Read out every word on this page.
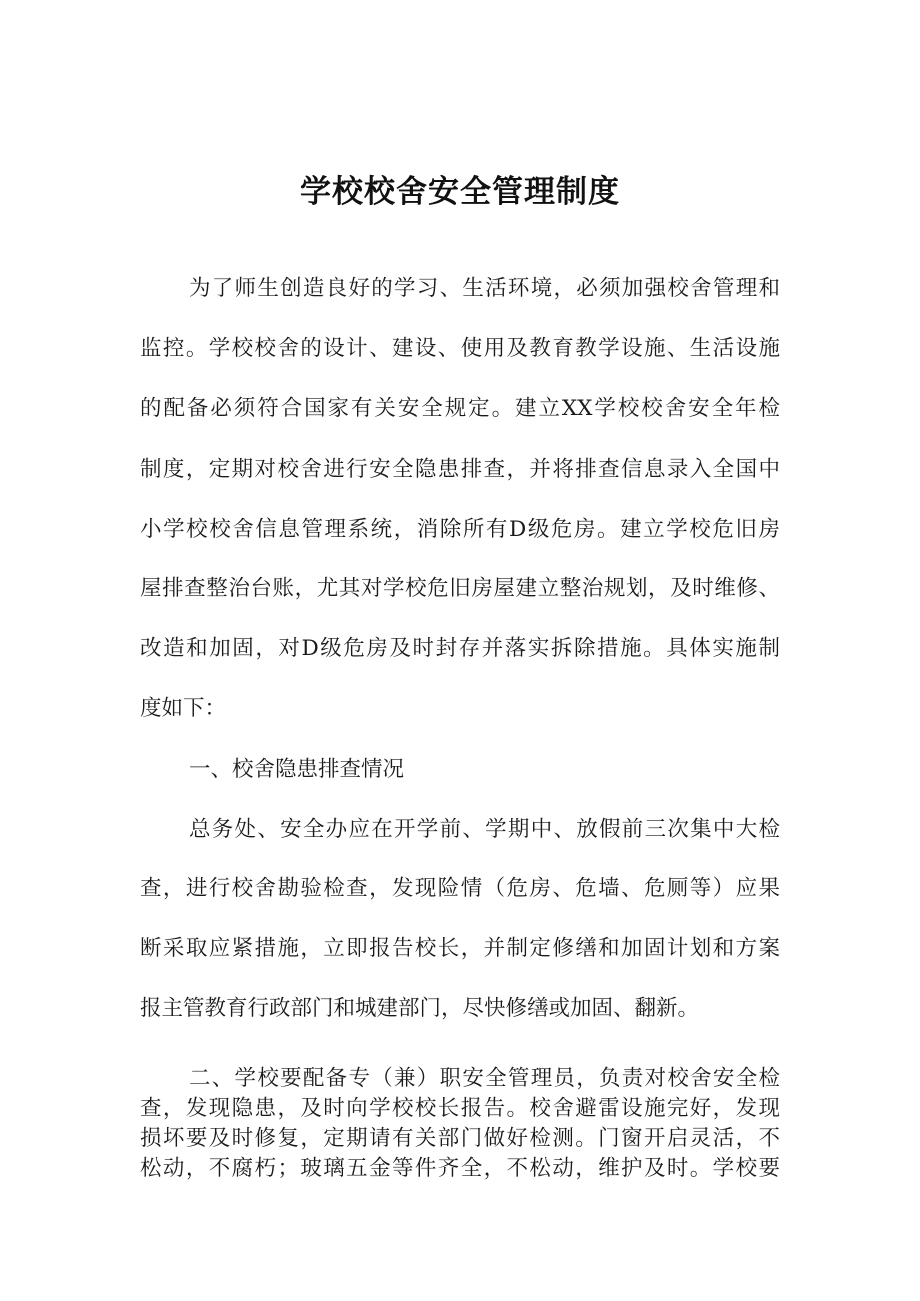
学校校舍安全管理制度
为了师生创造良好的学习、生活环境，必须加强校舍管理和
监控。学校校舍的设计、建设、使用及教育教学设施、生活设施
的配备必须符合国家有关安全规定。建立XX学校校舍安全年检
制度，定期对校舍进行安全隐患排查，并将排查信息录入全国中
小学校校舍信息管理系统，消除所有D级危房。建立学校危旧房
屋排查整治台账，尤其对学校危旧房屋建立整治规划，及时维修、
改造和加固，对D级危房及时封存并落实拆除措施。具体实施制
度如下：
一、校舍隐患排查情况
总务处、安全办应在开学前、学期中、放假前三次集中大检
查，进行校舍勘验检查，发现险情（危房、危墙、危厕等）应果
断采取应紧措施，立即报告校长，并制定修缮和加固计划和方案
报主管教育行政部门和城建部门，尽快修缮或加固、翻新。
二、学校要配备专（兼）职安全管理员，负责对校舍安全检
查，发现隐患，及时向学校校长报告。校舍避雷设施完好，发现
损坏要及时修复，定期请有关部门做好检测。门窗开启灵活，不
松动，不腐朽；玻璃五金等件齐全，不松动，维护及时。学校要
